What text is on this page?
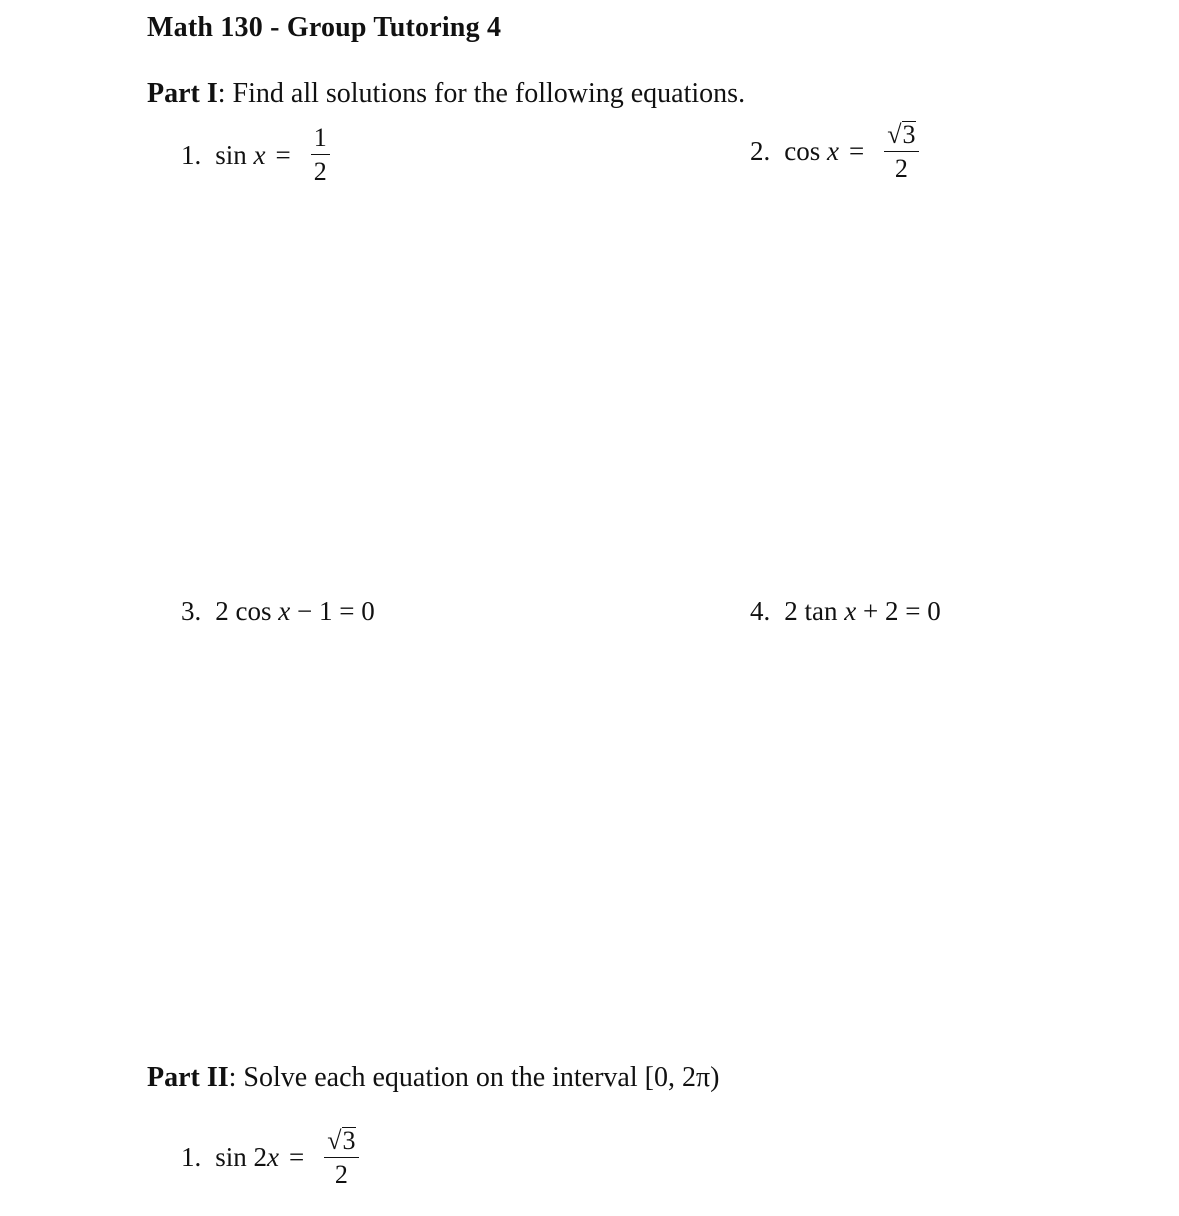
Math 130 - Group Tutoring 4
Part I: Find all solutions for the following equations.
1. sin
$x = \frac{1}{2}$	2. cos
$x = \frac{√ 3}{2}$
3. 2 cos x − 1 = 0	4. 2 tan x + 2 = 0
Part II: Solve each equation on the interval [0, 2π)
1. sin 2 $x = \frac{√ 3}{2}$
